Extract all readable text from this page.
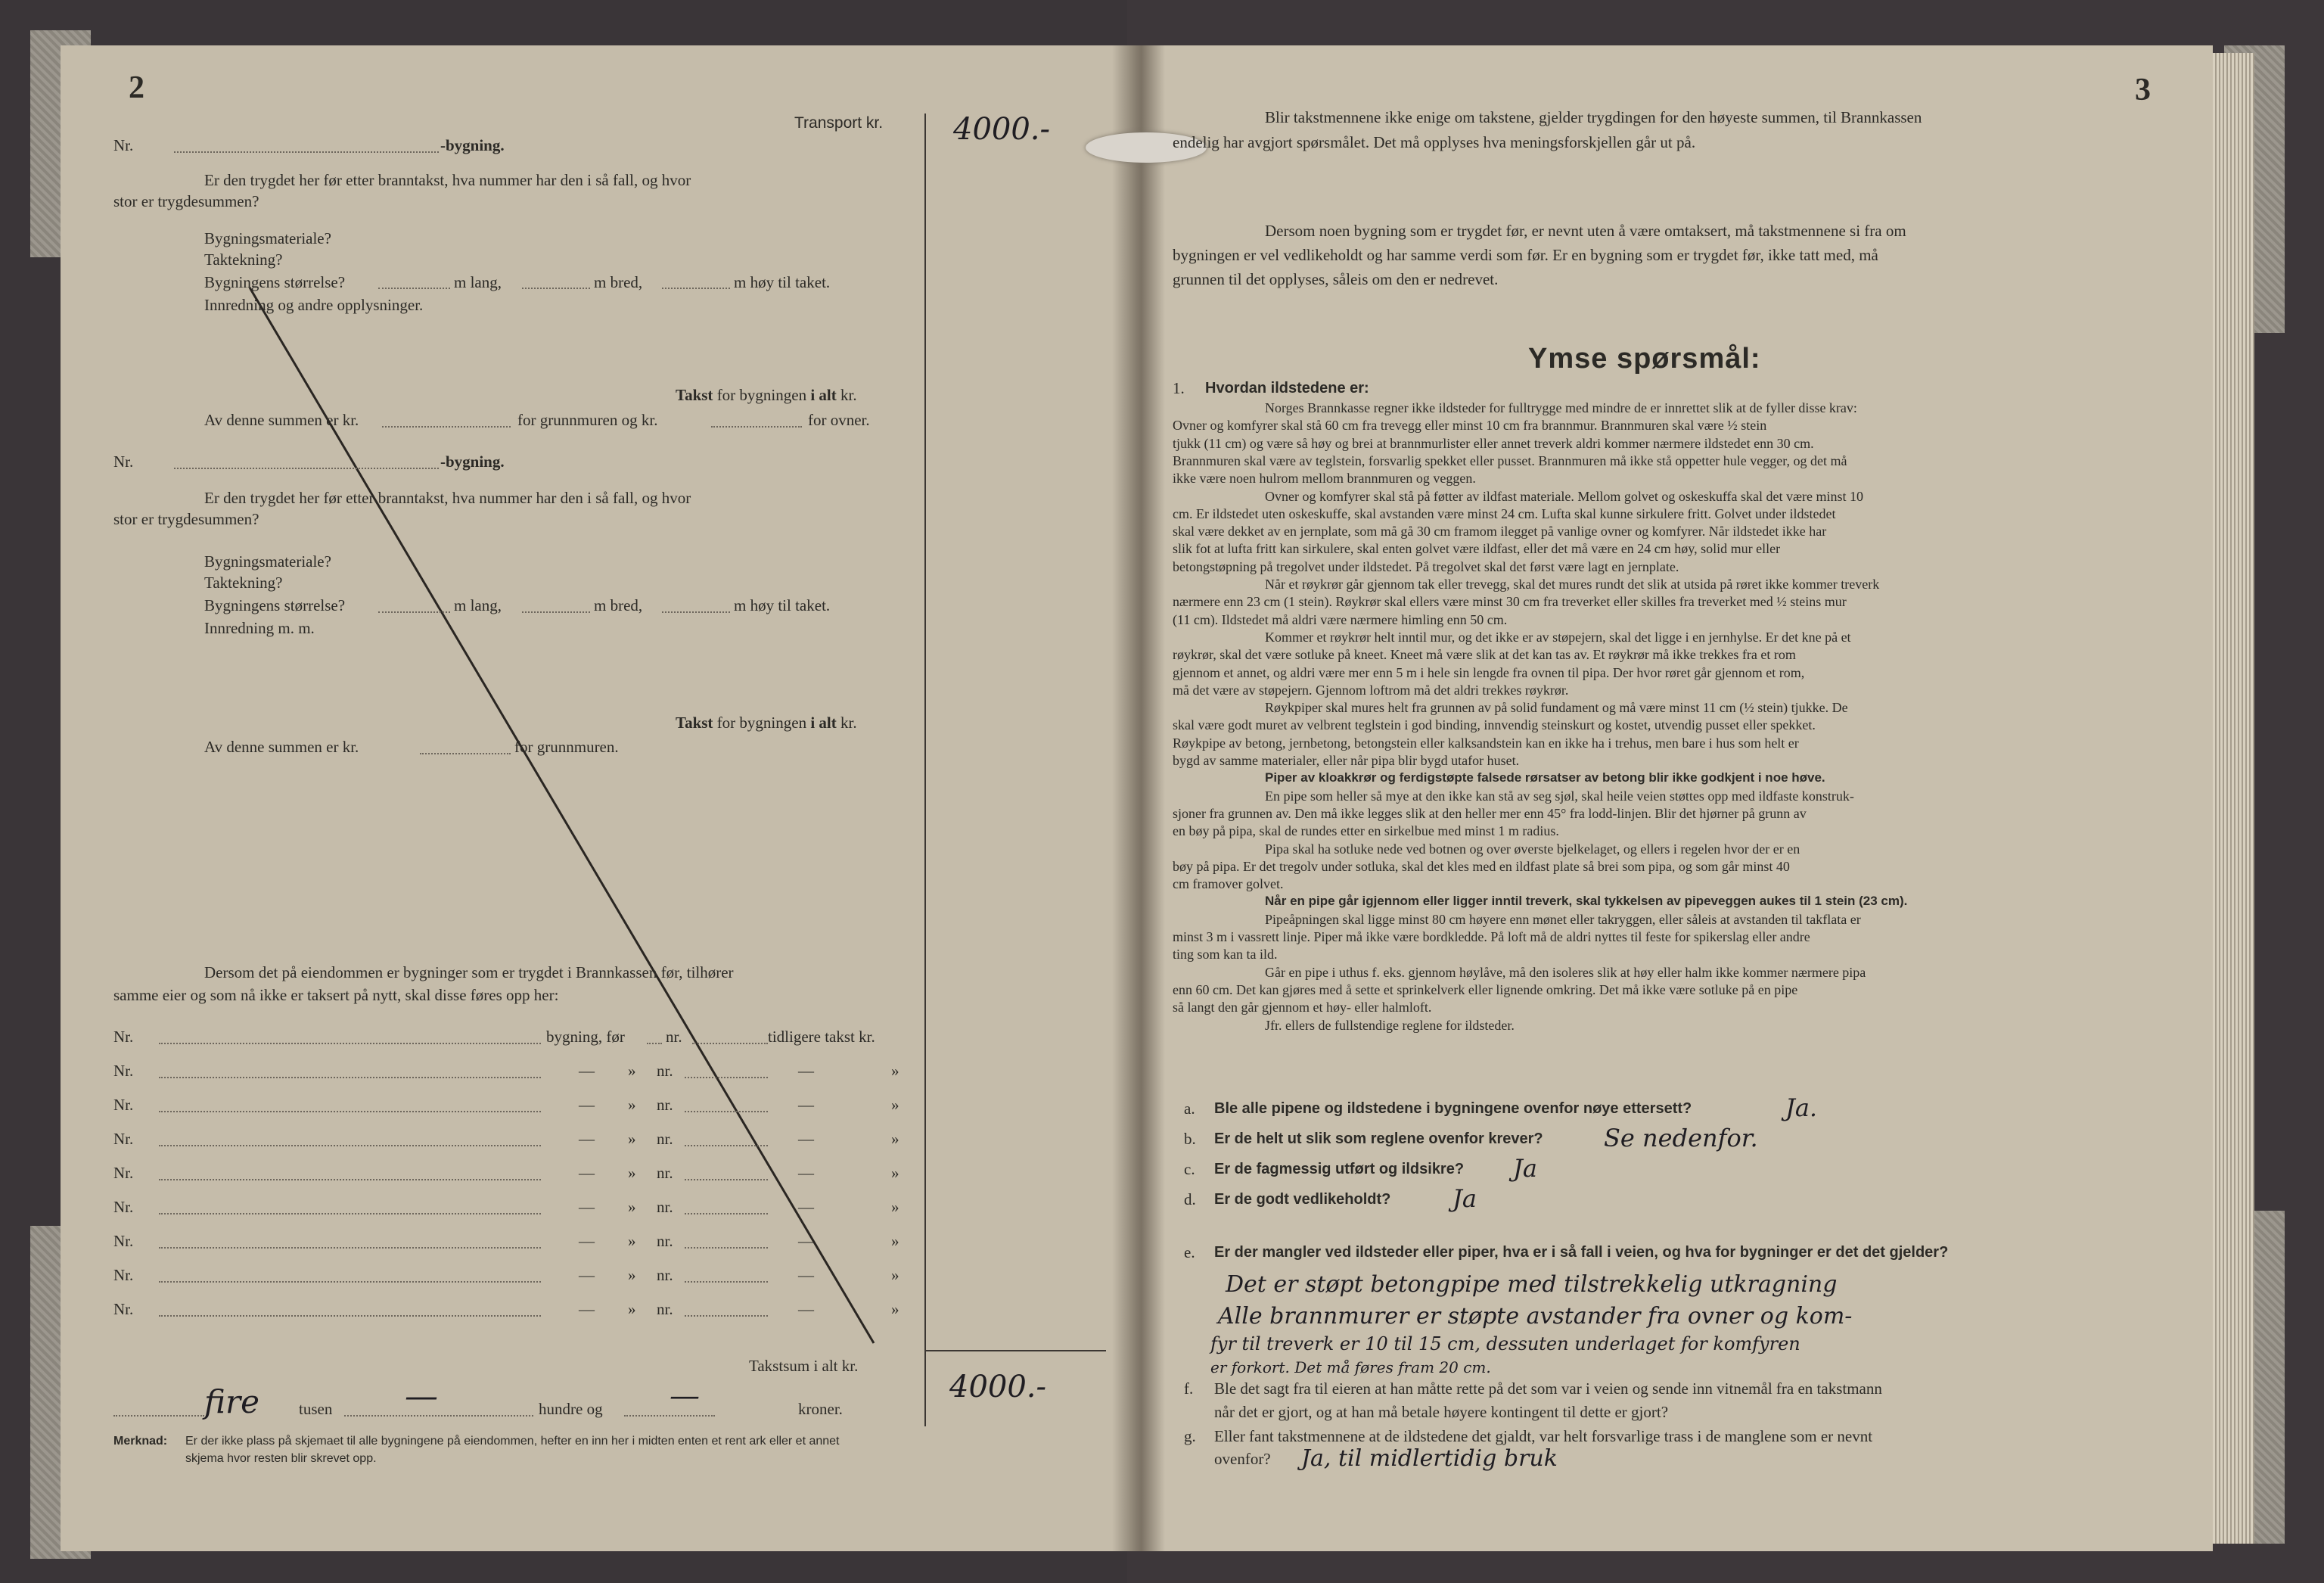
2
Transport kr. 4000.-
Nr.	-bygning.
Er den trygdet her før etter branntakst, hva nummer har den i så fall, og hvor
stor er trygdesummen?
Bygningsmateriale?
Taktekning?
Bygningens størrelse?	m lang,	m bred,	m høy til taket.
Innredning og andre opplysninger.
Takst for bygningen i alt kr.
Av denne summen er kr.	for grunnmuren og kr.	for ovner.
Nr.	-bygning.
Er den trygdet her før etter branntakst, hva nummer har den i så fall, og hvor
stor er trygdesummen?
Bygningsmateriale?
Taktekning?
Bygningens størrelse?	m lang,	m bred,	m høy til taket.
Innredning m. m.
Takst for bygningen i alt kr.
Av denne summen er kr.	for grunnmuren.
Dersom det på eiendommen er bygninger som er trygdet i Brannkassen før, tilhører
samme eier og som nå ikke er taksert på nytt, skal disse føres opp her:
Nr.	bygning, før	nr.	tidligere takst kr.
Nr.	— » nr.	—	»
Nr.	— » nr.	—	»
Nr.	— » nr.	—	»
Nr.	— » nr.	—	»
Nr.	— » nr.	—	»
Nr.	— » nr.	—	»
Nr.	— » nr.	—	»
Nr.	— » nr.	—	»
Takstsum i alt kr.
4000.-
fire tusen —	hundre og —	kroner.
Merknad: Er der ikke plass på skjemaet til alle bygningene på eiendommen, hefter en inn her i midten enten et rent ark eller et annet
skjema hvor resten blir skrevet opp.
3
Blir takstmennene ikke enige om takstene, gjelder trygdingen for den høyeste summen, til Brannkassen
endelig har avgjort spørsmålet. Det må opplyses hva meningsforskjellen går ut på.
Dersom noen bygning som er trygdet før, er nevnt uten å være omtaksert, må takstmennene si fra om
bygningen er vel vedlikeholdt og har samme verdi som før. Er en bygning som er trygdet før, ikke tatt med, må
grunnen til det opplyses, såleis om den er nedrevet.
Ymse spørsmål:
1. Hvordan ildstedene er:
Norges Brannkasse regner ikke ildsteder for fulltrygge med mindre de er innrettet slik at de fyller disse krav:
Ovner og komfyrer skal stå 60 cm fra trevegg eller minst 10 cm fra brannmur. Brannmuren skal være ½ stein
tjukk (11 cm) og være så høy og brei at brannmurlister eller annet treverk aldri kommer nærmere ildstedet enn 30 cm.
Brannmuren skal være av teglstein, forsvarlig spekket eller pusset. Brannmuren må ikke stå oppetter hule vegger, og det må
ikke være noen hulrom mellom brannmuren og veggen.
Ovner og komfyrer skal stå på føtter av ildfast materiale. Mellom golvet og oskeskuffa skal det være minst 10
cm. Er ildstedet uten oskeskuffe, skal avstanden være minst 24 cm. Lufta skal kunne sirkulere fritt. Golvet under ildstedet
skal være dekket av en jernplate, som må gå 30 cm framom ilegget på vanlige ovner og komfyrer. Når ildstedet ikke har
slik fot at lufta fritt kan sirkulere, skal enten golvet være ildfast, eller det må være en 24 cm høy, solid mur eller
betongstøpning på tregolvet under ildstedet. På tregolvet skal det først være lagt en jernplate.
Når et røykrør går gjennom tak eller trevegg, skal det mures rundt det slik at utsida på røret ikke kommer treverk
nærmere enn 23 cm (1 stein). Røykrør skal ellers være minst 30 cm fra treverket eller skilles fra treverket med ½ steins mur
(11 cm). Ildstedet må aldri være nærmere himling enn 50 cm.
Kommer et røykrør helt inntil mur, og det ikke er av støpejern, skal det ligge i en jernhylse. Er det kne på et
røykrør, skal det være sotluke på kneet. Kneet må være slik at det kan tas av. Et røykrør må ikke trekkes fra et rom
gjennom et annet, og aldri være mer enn 5 m i hele sin lengde fra ovnen til pipa. Der hvor røret går gjennom et rom,
må det være av støpejern. Gjennom loftrom må det aldri trekkes røykrør.
Røykpiper skal mures helt fra grunnen av på solid fundament og må være minst 11 cm (½ stein) tjukke. De
skal være godt muret av velbrent teglstein i god binding, innvendig steinskurt og kostet, utvendig pusset eller spekket.
Røykpipe av betong, jernbetong, betongstein eller kalksandstein kan en ikke ha i trehus, men bare i hus som helt er
bygd av samme materialer, eller når pipa blir bygd utafor huset.
Piper av kloakkrør og ferdigstøpte falsede rørsatser av betong blir ikke godkjent i noe høve.
En pipe som heller så mye at den ikke kan stå av seg sjøl, skal heile veien støttes opp med ildfaste konstruk-
sjoner fra grunnen av. Den må ikke legges slik at den heller mer enn 45° fra lodd-linjen. Blir det hjørner på grunn av
en bøy på pipa, skal de rundes etter en sirkelbue med minst 1 m radius.
Pipa skal ha sotluke nede ved botnen og over øverste bjelkelaget, og ellers i regelen hvor der er en
bøy på pipa. Er det tregolv under sotluka, skal det kles med en ildfast plate så brei som pipa, og som går minst 40
cm framover golvet.
Når en pipe går igjennom eller ligger inntil treverk, skal tykkelsen av pipeveggen aukes til 1 stein (23 cm).
Pipeåpningen skal ligge minst 80 cm høyere enn mønet eller takryggen, eller såleis at avstanden til takflata er
minst 3 m i vassrett linje. Piper må ikke være bordkledde. På loft må de aldri nyttes til feste for spikerslag eller andre
ting som kan ta ild.
Går en pipe i uthus f. eks. gjennom høylåve, må den isoleres slik at høy eller halm ikke kommer nærmere pipa
enn 60 cm. Det kan gjøres med å sette et sprinkelverk eller lignende omkring. Det må ikke være sotluke på en pipe
så langt den går gjennom et høy- eller halmloft.
Jfr. ellers de fullstendige reglene for ildsteder.
a. Ble alle pipene og ildstedene i bygningene ovenfor nøye ettersett?	Ja.
b. Er de helt ut slik som reglene ovenfor krever?	Se nedenfor.
c. Er de fagmessig utført og ildsikre? Ja
d. Er de godt vedlikeholdt?	Ja
e. Er der mangler ved ildsteder eller piper, hva er i så fall i veien, og hva for bygninger er det det gjelder?
Det er støpt betongpipe med tilstrekkelig utkragning
Alle brannmurer er støpte avstander fra ovner og kom-
fyr til treverk er 10 til 15 cm, dessuten underlaget for komfyren
er forkort. Det må føres fram 20 cm.
f. Ble det sagt fra til eieren at han måtte rette på det som var i veien og sende inn vitnemål fra en takstmann
når det er gjort, og at han må betale høyere kontingent til dette er gjort?
g. Eller fant takstmennene at de ildstedene det gjaldt, var helt forsvarlige trass i de manglene som er nevnt
ovenfor? Ja, til midlertidig bruk
